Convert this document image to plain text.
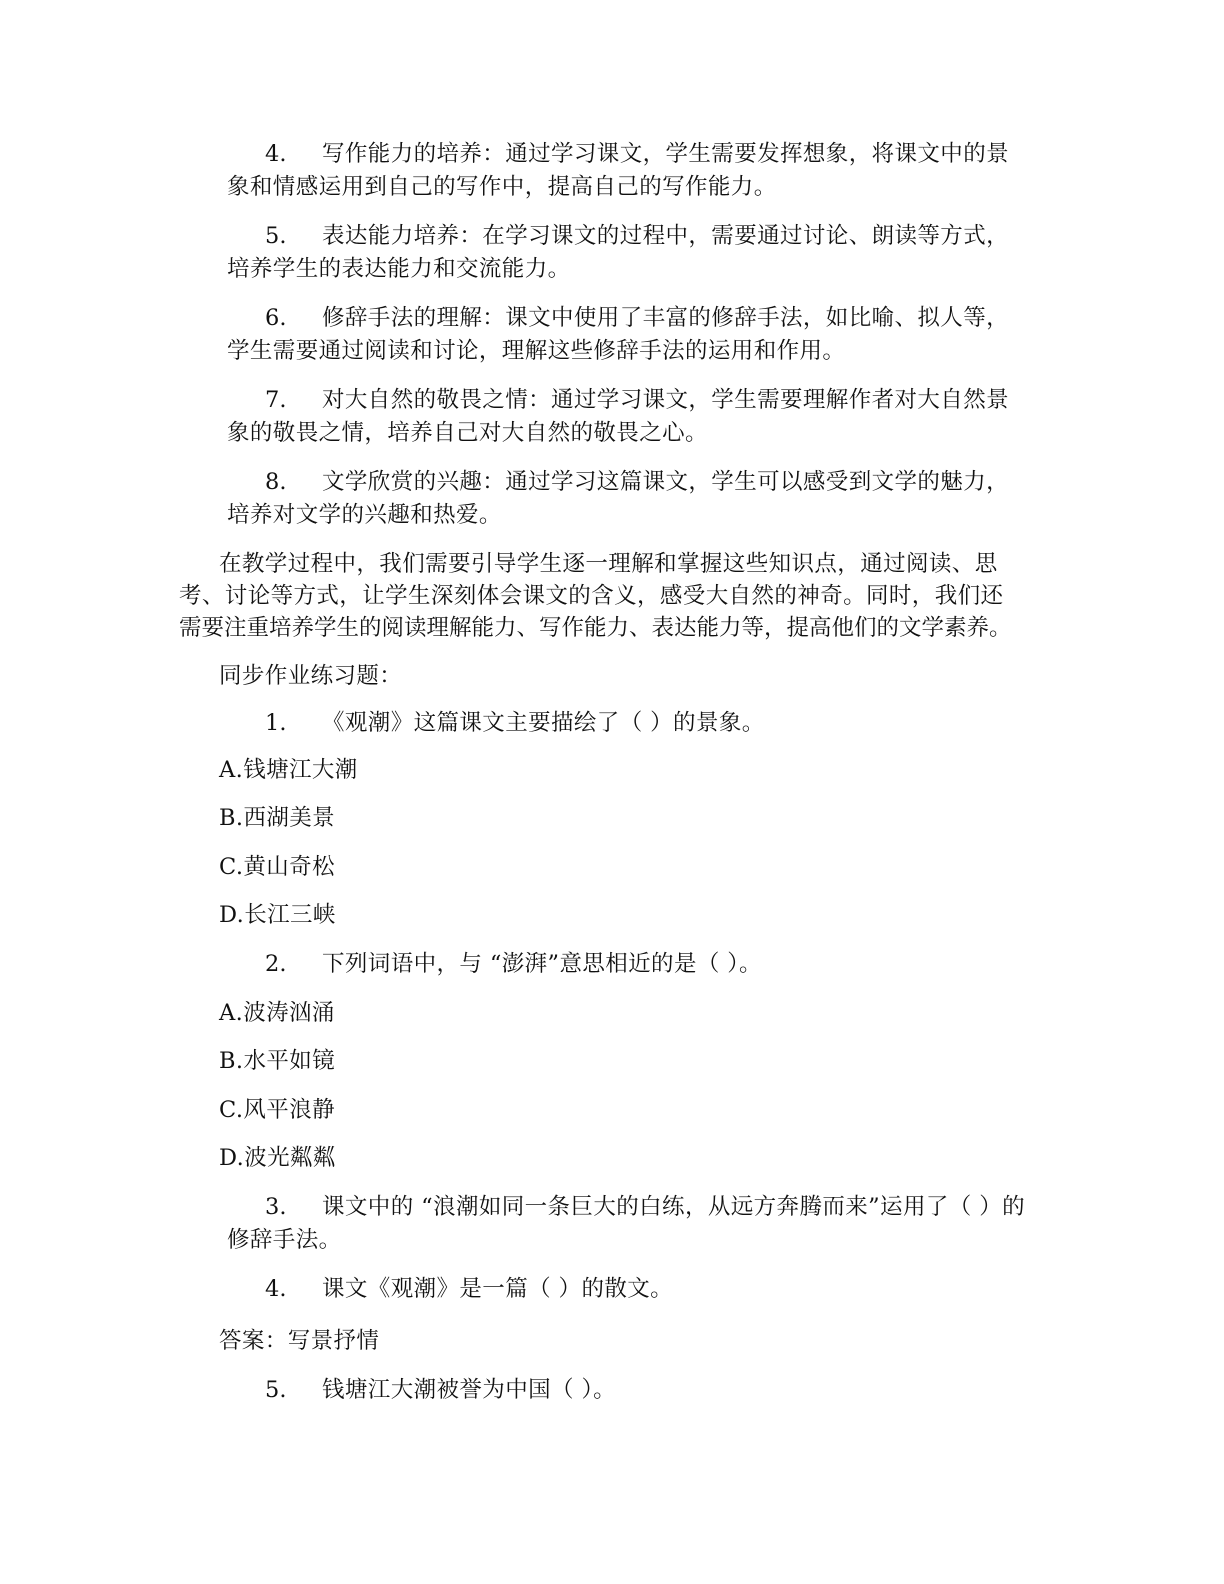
4. 写作能力的培养：通过学习课文，学生需要发挥想象，将课文中的景
象和情感运用到自己的写作中，提高自己的写作能力。
5. 表达能力培养：在学习课文的过程中，需要通过讨论、朗读等方式，
培养学生的表达能力和交流能力。
6. 修辞手法的理解：课文中使用了丰富的修辞手法，如比喻、拟人等，
学生需要通过阅读和讨论，理解这些修辞手法的运用和作用。
7. 对大自然的敬畏之情：通过学习课文，学生需要理解作者对大自然景
象的敬畏之情，培养自己对大自然的敬畏之心。
8. 文学欣赏的兴趣：通过学习这篇课文，学生可以感受到文学的魅力，
培养对文学的兴趣和热爱。
在教学过程中，我们需要引导学生逐一理解和掌握这些知识点，通过阅读、思
考、讨论等方式，让学生深刻体会课文的含义，感受大自然的神奇。同时，我们还
需要注重培养学生的阅读理解能力、写作能力、表达能力等，提高他们的文学素养。
同步作业练习题：
1. 《观潮》这篇课文主要描绘了（ ）的景象。
A.钱塘江大潮
B.西湖美景
C.黄山奇松
D.长江三峡
2. 下列词语中，与 “澎湃”意思相近的是（ ）。
A.波涛汹涌
B.水平如镜
C.风平浪静
D.波光粼粼
3. 课文中的 “浪潮如同一条巨大的白练，从远方奔腾而来”运用了（ ）的
修辞手法。
4. 课文《观潮》是一篇（ ）的散文。
答案：写景抒情
5. 钱塘江大潮被誉为中国（ ）。
